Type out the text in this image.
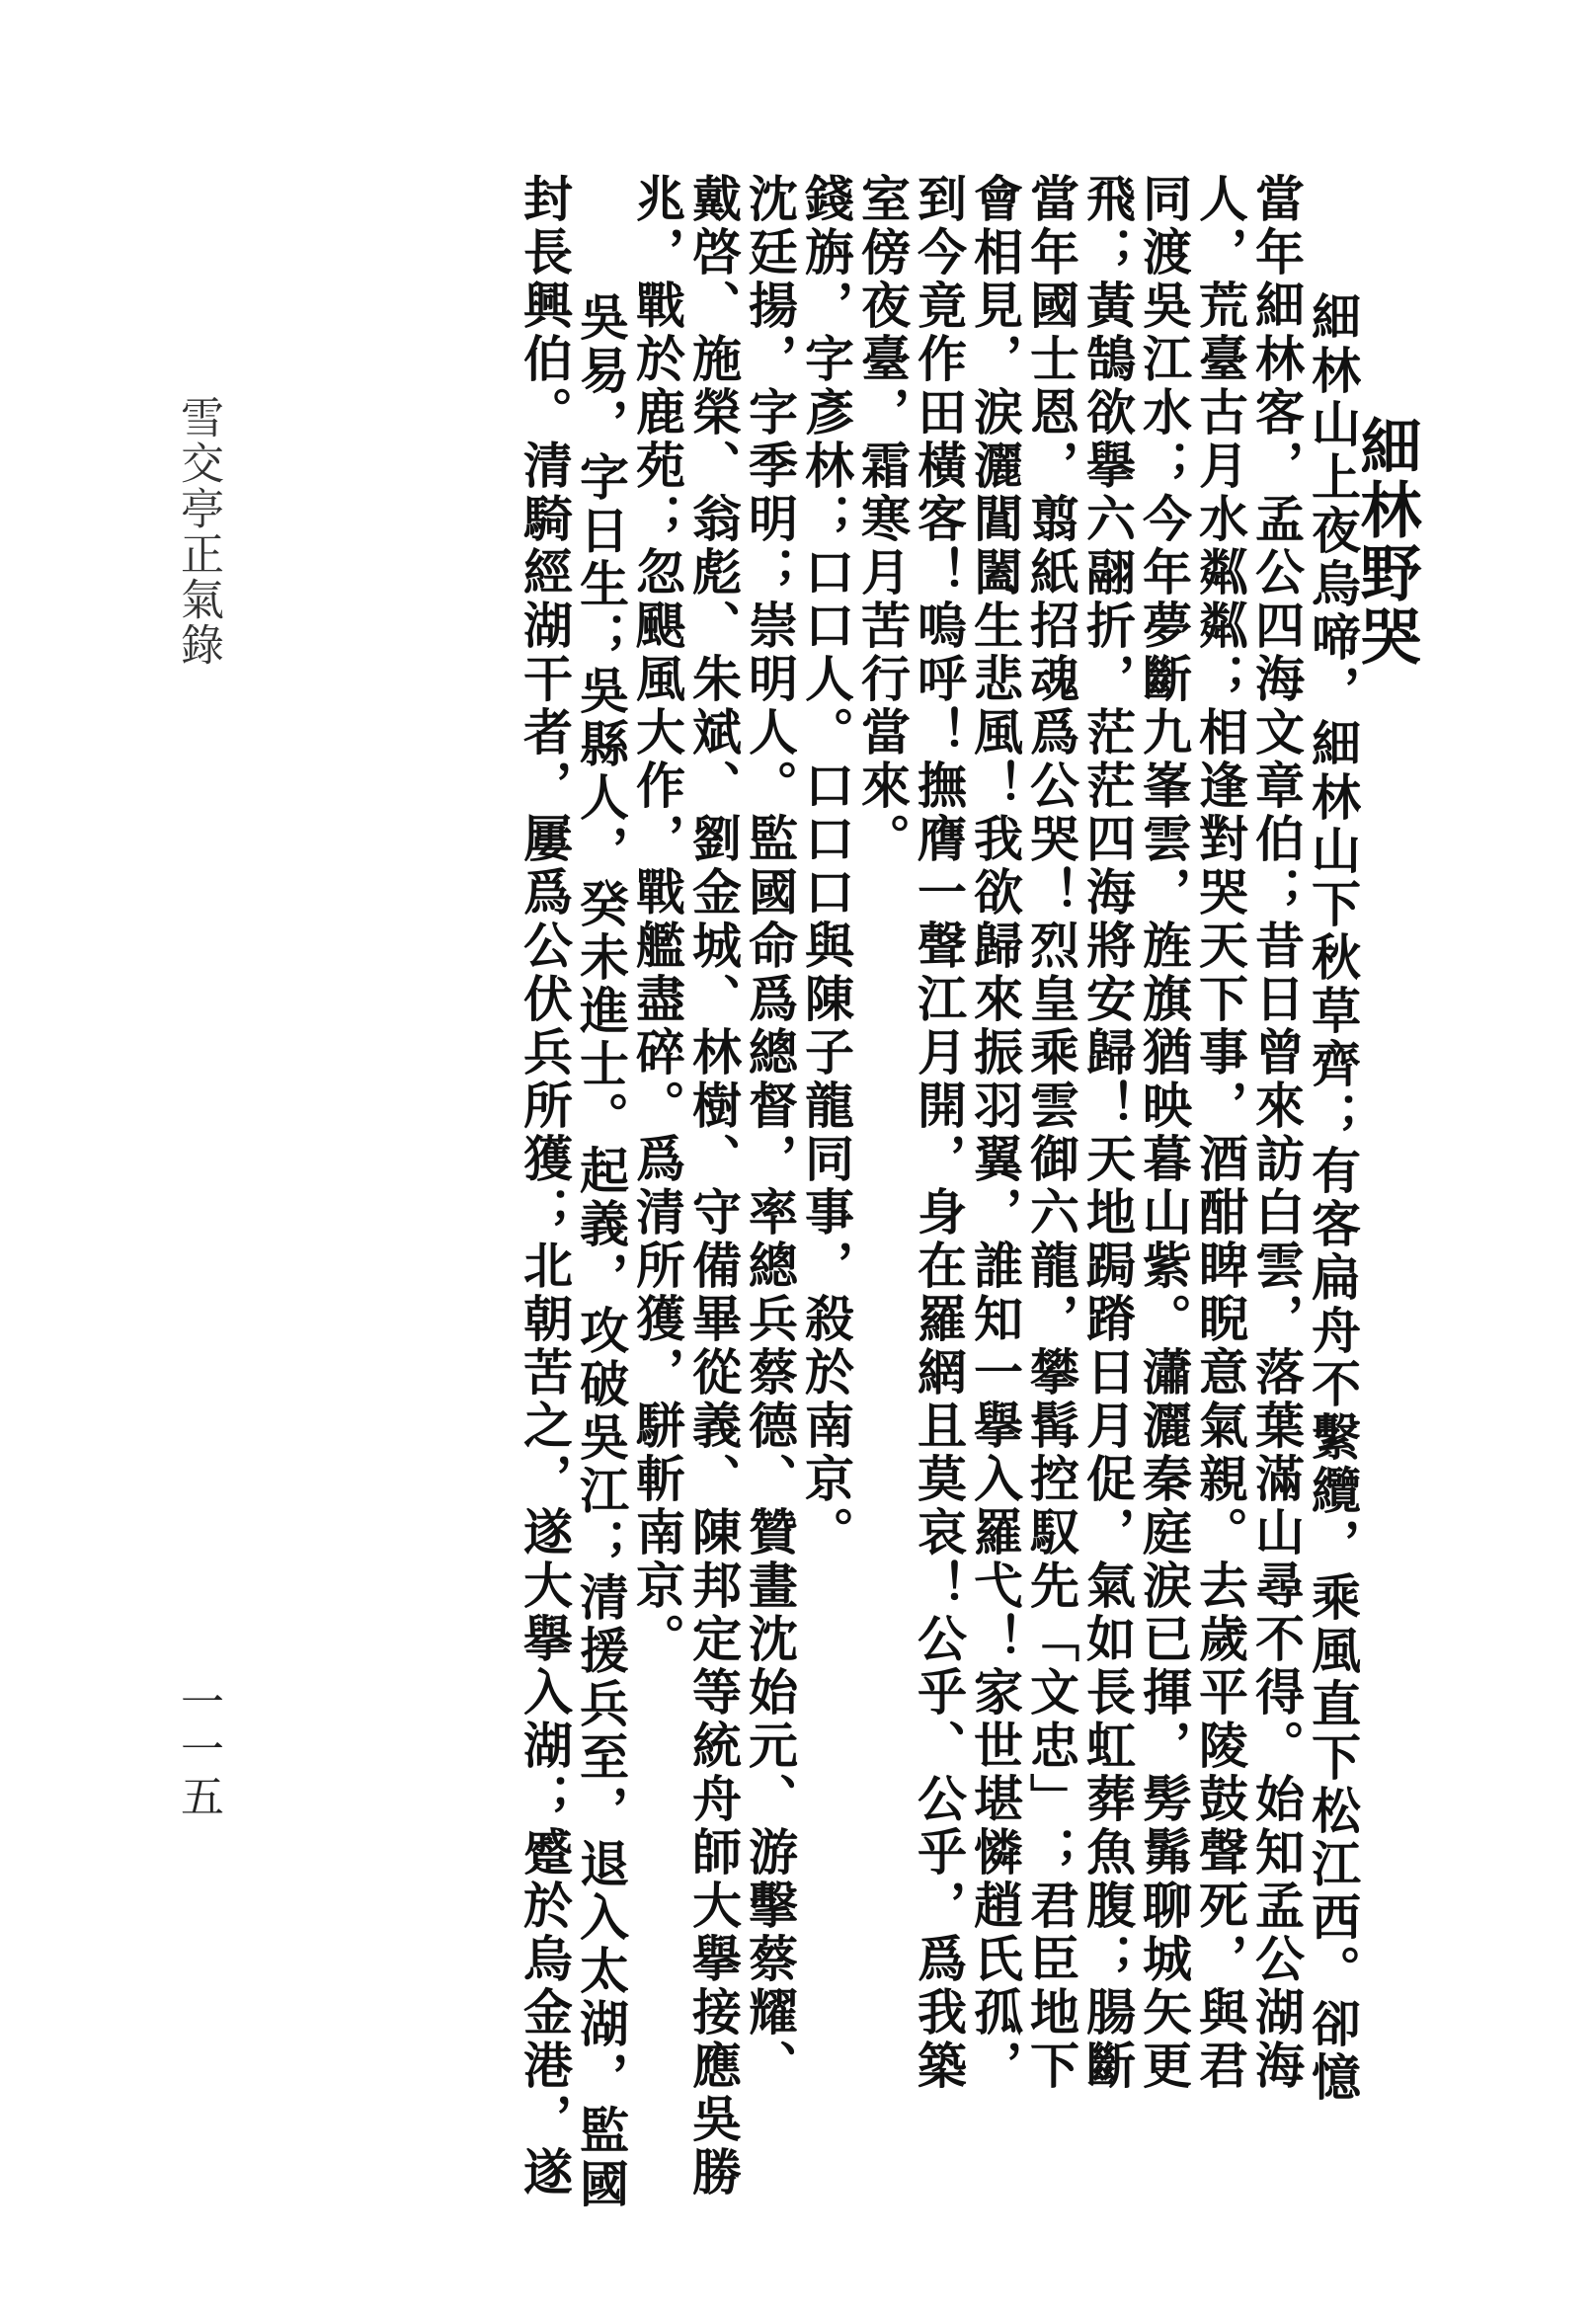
細林野哭
細林山上夜烏啼，細林山下秋草齊；有客扁舟不繫纜，乘風直下松江西。卻憶
當年細林客，孟公四海文章伯；昔日曾來訪白雲，落葉滿山尋不得。始知孟公湖海
人，荒臺古月水粼粼；相逢對哭天下事，酒酣睥睨意氣親。去歲平陵鼓聲死，與君
同渡吳江水；今年夢斷九峯雲，旌旗猶映暮山紫。瀟灑秦庭涙已揮，髣髴聊城矢更
飛；黃鵠欲擧六翮折，茫茫四海將安歸！天地跼蹐日月促，氣如長虹葬魚腹；腸斷
當年國士恩，翦紙招魂爲公哭！烈皇乘雲御六龍，攀髯控馭先「文忠」；君臣地下
會相見，涙灑閶闔生悲風！我欲歸來振羽翼，誰知一擧入羅弋！家世堪憐趙氏孤，
到今竟作田橫客！嗚呼！撫膺一聲江月開，身在羅網且莫哀！公乎、公乎，爲我築
室傍夜臺，霜寒月苦行當來。
錢旃，字彥林；口口人。口口口與陳子龍同事，殺於南京。
沈廷揚，字季明；崇明人。監國命爲總督，率總兵蔡德、贊畫沈始元、游擊蔡耀、
戴啓、施榮、翁彪、朱斌、劉金城、林樹、守備畢從義、陳邦定等統舟師大擧接應吳勝
兆，戰於鹿苑；忽颶風大作，戰艦盡碎。爲清所獲，駢斬南京。
吳易，字日生；吳縣人，癸未進士。起義，攻破吳江；清援兵至，退入太湖，監國
封長興伯。清騎經湖干者，屢爲公伏兵所獲；北朝苦之，遂大擧入湖；蹙於烏金港，遂
雪交亭正氣錄
一一五
